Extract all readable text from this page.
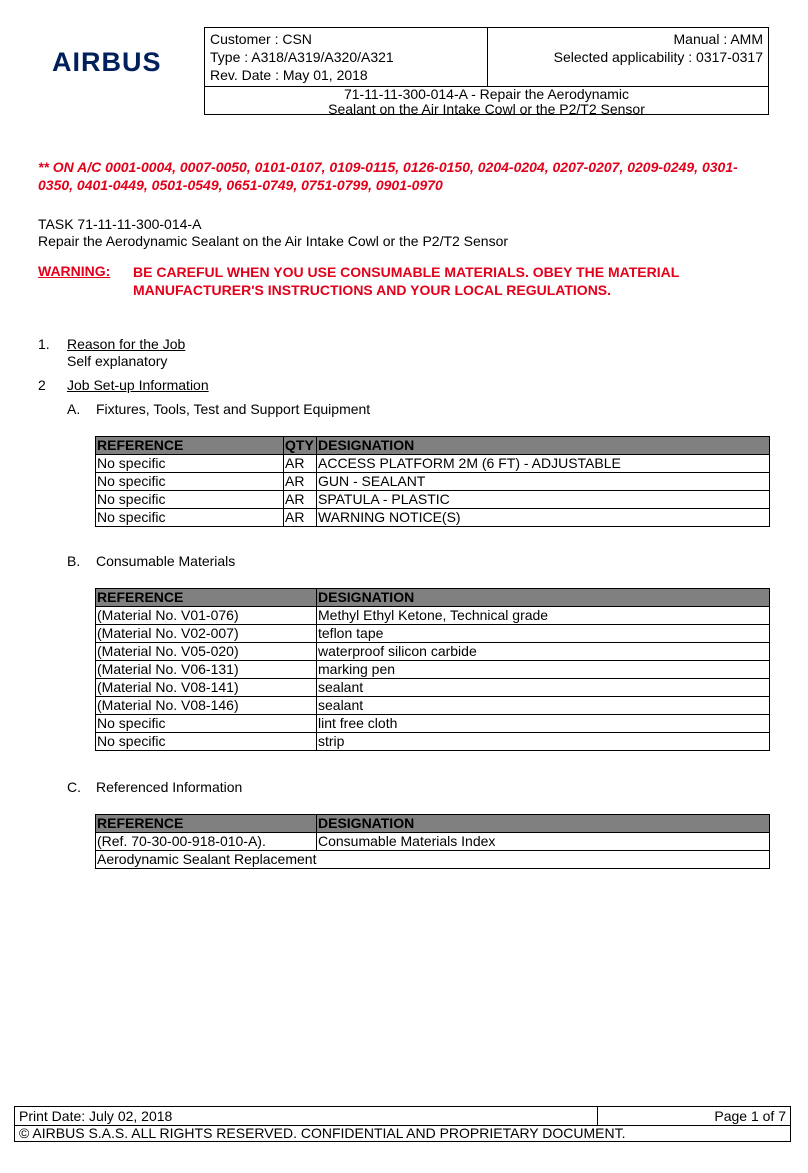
AIRBUS
Customer : CSN
Type : A318/A319/A320/A321
Rev. Date : May 01, 2018
Manual : AMM
Selected applicability : 0317-0317
71-11-11-300-014-A - Repair the Aerodynamic
Sealant on the Air Intake Cowl or the P2/T2 Sensor
** ON A/C 0001-0004, 0007-0050, 0101-0107, 0109-0115, 0126-0150, 0204-0204, 0207-0207, 0209-0249, 0301-0350, 0401-0449, 0501-0549, 0651-0749, 0751-0799, 0901-0970
TASK 71-11-11-300-014-A
Repair the Aerodynamic Sealant on the Air Intake Cowl or the P2/T2 Sensor
WARNING: BE CAREFUL WHEN YOU USE CONSUMABLE MATERIALS. OBEY THE MATERIAL MANUFACTURER'S INSTRUCTIONS AND YOUR LOCAL REGULATIONS.
1. Reason for the Job
Self explanatory
2 Job Set-up Information
A. Fixtures, Tools, Test and Support Equipment
REFERENCE	QTY	DESIGNATION
No specific	AR	ACCESS PLATFORM 2M (6 FT) - ADJUSTABLE
No specific	AR	GUN - SEALANT
No specific	AR	SPATULA - PLASTIC
No specific	AR	WARNING NOTICE(S)
B. Consumable Materials
REFERENCE	DESIGNATION
(Material No. V01-076)	Methyl Ethyl Ketone, Technical grade
(Material No. V02-007)	teflon tape
(Material No. V05-020)	waterproof silicon carbide
(Material No. V06-131)	marking pen
(Material No. V08-141)	sealant
(Material No. V08-146)	sealant
No specific	lint free cloth
No specific	strip
C. Referenced Information
REFERENCE	DESIGNATION
(Ref. 70-30-00-918-010-A).	Consumable Materials Index
Aerodynamic Sealant Replacement	
Print Date: July 02, 2018	Page 1 of 7
© AIRBUS S.A.S. ALL RIGHTS RESERVED. CONFIDENTIAL AND PROPRIETARY DOCUMENT.
